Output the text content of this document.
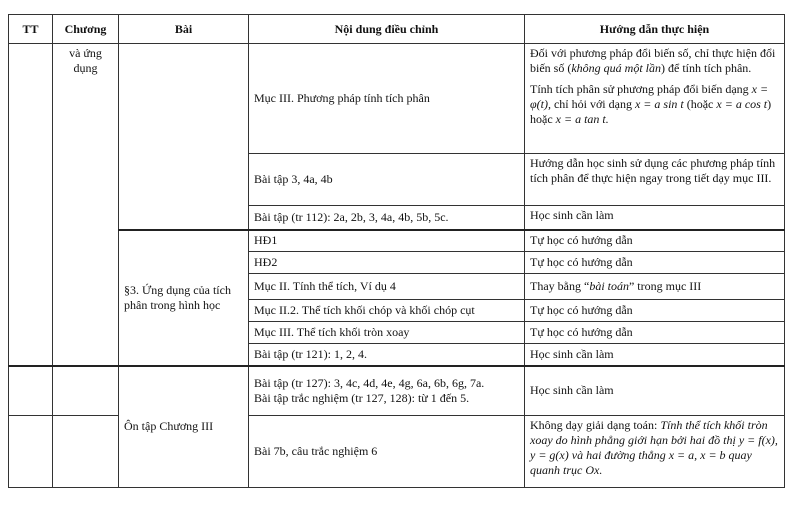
TT	Chương	Bài	Nội dung điều chỉnh	Hướng dẫn thực hiện
	và ứng dụng		Mục III. Phương pháp tính tích phân	Đối với phương pháp đổi biến số, chỉ thực hiện đổi biến số (không quá một lần) để tính tích phân.
Tính tích phân sử phương pháp đổi biến dạng x = φ(t), chỉ hỏi với dạng x = a sin t (hoặc x = a cos t) hoặc x = a tan t.

			Bài tập 3, 4a, 4b	Hướng dẫn học sinh sử dụng các phương pháp tính tích phân để thực hiện ngay trong tiết dạy mục III.
			Bài tập (tr 112): 2a, 2b, 3, 4a, 4b, 5b, 5c.	Học sinh cần làm
		§3. Ứng dụng của tích phân trong hình học	HĐ1	Tự học có hướng dẫn
			HĐ2	Tự học có hướng dẫn
			Mục II. Tính thể tích, Ví dụ 4	Thay bằng “bài toán” trong mục III
			Mục II.2. Thể tích khối chóp và khối chóp cụt	Tự học có hướng dẫn
			Mục III. Thể tích khối tròn xoay	Tự học có hướng dẫn
			Bài tập (tr 121): 1, 2, 4.	Học sinh cần làm
		Ôn tập Chương III	Bài tập (tr 127): 3, 4c, 4d, 4e, 4g, 6a, 6b, 6g, 7a.
Bài tập trắc nghiệm (tr 127, 128): từ 1 đến 5.	Học sinh cần làm
			Bài 7b, câu trắc nghiệm 6	Không dạy giải dạng toán: Tính thể tích khối tròn xoay do hình phẳng giới hạn bởi hai đồ thị y = f(x), y = g(x) và hai đường thẳng x = a, x = b quay quanh trục Ox.
